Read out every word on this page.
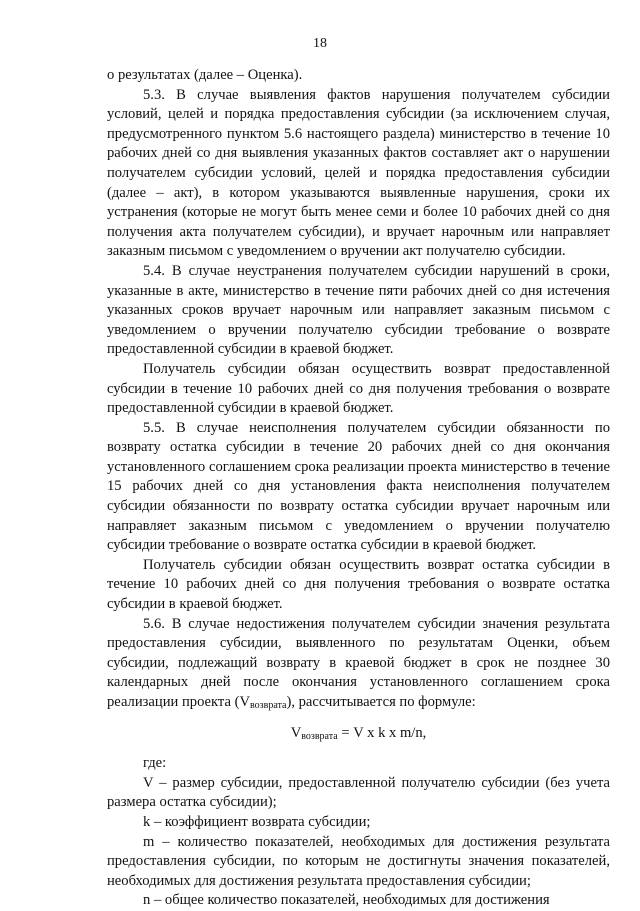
18

о результатах (далее – Оценка).

5.3. В случае выявления фактов нарушения получателем субсидии условий, целей и порядка предоставления субсидии (за исключением случая, предусмотренного пунктом 5.6 настоящего раздела) министерство в течение 10 рабочих дней со дня выявления указанных фактов составляет акт о нарушении получателем субсидии условий, целей и порядка предоставления субсидии (далее – акт), в котором указываются выявленные нарушения, сроки их устранения (которые не могут быть менее семи и более 10 рабочих дней со дня получения акта получателем субсидии), и вручает нарочным или направляет заказным письмом с уведомлением о вручении акт получателю субсидии.

5.4. В случае неустранения получателем субсидии нарушений в сроки, указанные в акте, министерство в течение пяти рабочих дней со дня истечения указанных сроков вручает нарочным или направляет заказным письмом с уведомлением о вручении получателю субсидии требование о возврате предоставленной субсидии в краевой бюджет.

Получатель субсидии обязан осуществить возврат предоставленной субсидии в течение 10 рабочих дней со дня получения требования о возврате предоставленной субсидии в краевой бюджет.

5.5. В случае неисполнения получателем субсидии обязанности по возврату остатка субсидии в течение 20 рабочих дней со дня окончания установленного соглашением срока реализации проекта министерство в течение 15 рабочих дней со дня установления факта неисполнения получателем субсидии обязанности по возврату остатка субсидии вручает нарочным или направляет заказным письмом с уведомлением о вручении получателю субсидии требование о возврате остатка субсидии в краевой бюджет.

Получатель субсидии обязан осуществить возврат остатка субсидии в течение 10 рабочих дней со дня получения требования о возврате остатка субсидии в краевой бюджет.

5.6. В случае недостижения получателем субсидии значения результата предоставления субсидии, выявленного по результатам Оценки, объем субсидии, подлежащий возврату в краевой бюджет в срок не позднее 30 календарных дней после окончания установленного соглашением срока реализации проекта $(V_{возврата})$, рассчитывается по формуле:

$V_{возврата} = V$ x k x m/n,

где:

V – размер субсидии, предоставленной получателю субсидии (без учета размера остатка субсидии);

k – коэффициент возврата субсидии;

m – количество показателей, необходимых для достижения результата предоставления субсидии, по которым не достигнуты значения показателей, необходимых для достижения результата предоставления субсидии;

n – общее количество показателей, необходимых для достижения
